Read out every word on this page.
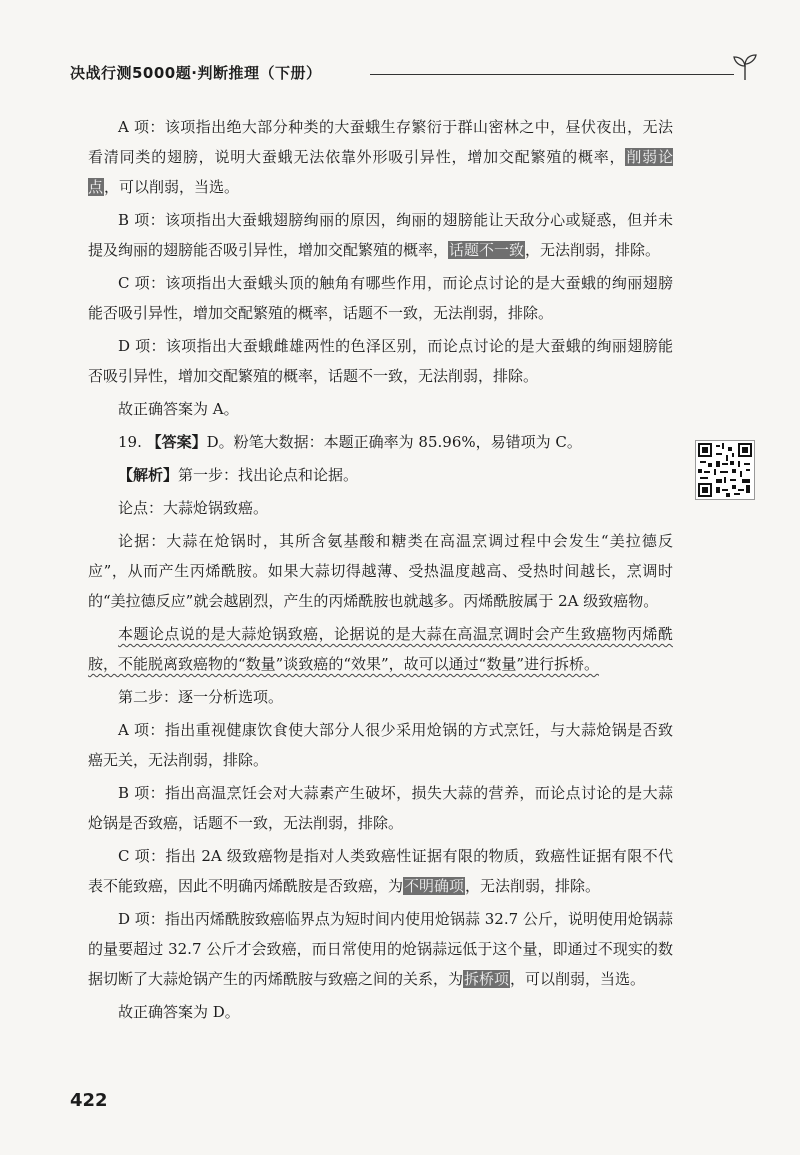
决战行测5000题·判断推理（下册）

A 项：该项指出绝大部分种类的大蚕蛾生存繁衍于群山密林之中，昼伏夜出，无法看清同类的翅膀，说明大蚕蛾无法依靠外形吸引异性，增加交配繁殖的概率，削弱论点，可以削弱，当选。

B 项：该项指出大蚕蛾翅膀绚丽的原因，绚丽的翅膀能让天敌分心或疑惑，但并未提及绚丽的翅膀能否吸引异性，增加交配繁殖的概率，话题不一致，无法削弱，排除。

C 项：该项指出大蚕蛾头顶的触角有哪些作用，而论点讨论的是大蚕蛾的绚丽翅膀能否吸引异性，增加交配繁殖的概率，话题不一致，无法削弱，排除。

D 项：该项指出大蚕蛾雌雄两性的色泽区别，而论点讨论的是大蚕蛾的绚丽翅膀能否吸引异性，增加交配繁殖的概率，话题不一致，无法削弱，排除。

故正确答案为 A。

19. 【答案】D。粉笔大数据：本题正确率为 85.96%，易错项为 C。

【解析】第一步：找出论点和论据。

论点：大蒜炝锅致癌。

论据：大蒜在炝锅时，其所含氨基酸和糖类在高温烹调过程中会发生“美拉德反应”，从而产生丙烯酰胺。如果大蒜切得越薄、受热温度越高、受热时间越长，烹调时的“美拉德反应”就会越剧烈，产生的丙烯酰胺也就越多。丙烯酰胺属于 2A 级致癌物。

本题论点说的是大蒜炝锅致癌，论据说的是大蒜在高温烹调时会产生致癌物丙烯酰胺，不能脱离致癌物的“数量”谈致癌的“效果”，故可以通过“数量”进行拆桥。

第二步：逐一分析选项。

A 项：指出重视健康饮食使大部分人很少采用炝锅的方式烹饪，与大蒜炝锅是否致癌无关，无法削弱，排除。

B 项：指出高温烹饪会对大蒜素产生破坏，损失大蒜的营养，而论点讨论的是大蒜炝锅是否致癌，话题不一致，无法削弱，排除。

C 项：指出 2A 级致癌物是指对人类致癌性证据有限的物质，致癌性证据有限不代表不能致癌，因此不明确丙烯酰胺是否致癌，为不明确项，无法削弱，排除。

D 项：指出丙烯酰胺致癌临界点为短时间内使用炝锅蒜 32.7 公斤，说明使用炝锅蒜的量要超过 32.7 公斤才会致癌，而日常使用的炝锅蒜远低于这个量，即通过不现实的数据切断了大蒜炝锅产生的丙烯酰胺与致癌之间的关系，为拆桥项，可以削弱，当选。

故正确答案为 D。

422
